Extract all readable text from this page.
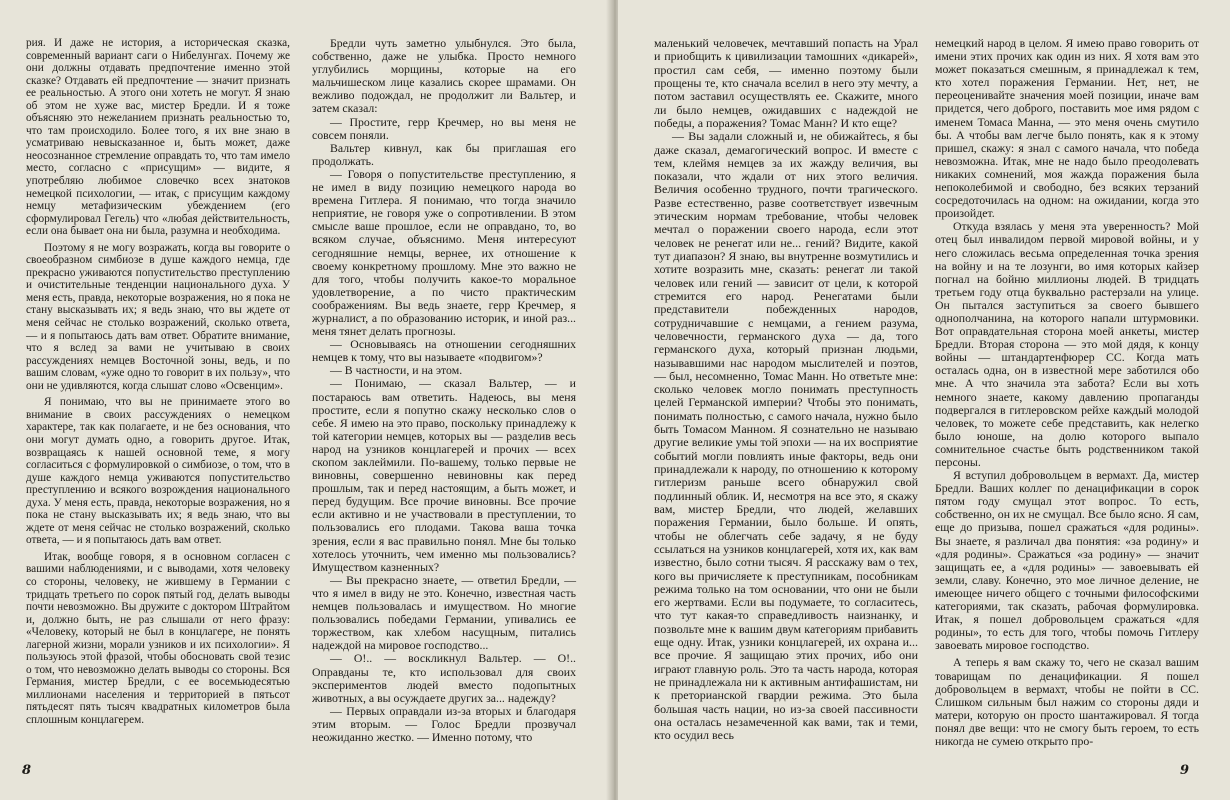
рия. И даже не история, а историческая сказка, современный вариант саги о Нибелунгах. Почему же они должны отдавать предпочтение именно этой сказке? Отдавать ей предпочтение — значит признать ее реальностью. А этого они хотеть не могут. Я знаю об этом не хуже вас, мистер Бредли. И я тоже объясняю это нежеланием признать реальностью то, что там происходило. Более того, я их вне знаю в усматриваю невысказанное и, быть может, даже неосознанное стремление оправдать то, что там имело место, согласно с «присущим» — видите, я употребляю любимое словечко всех знатоков немецкой психологии, — итак, с присущим каждому немцу метафизическим убеждением (его сформулировал Гегель) что «любая действительность, если она бывает она ни была, разумна и необходима.

Поэтому я не могу возражать, когда вы говорите о своеобразном симбиозе в душе каждого немца, где прекрасно уживаются попустительство преступлению и очистительные тенденции национального духа. У меня есть, правда, некоторые возражения, но я пока не стану высказывать их; я ведь знаю, что вы ждете от меня сейчас не столько возражений, сколько ответа, — и я попытаюсь дать вам ответ. Обратите внимание, что я вслед за вами не учитываю в своих рассуждениях немцев Восточной зоны, ведь, и по вашим словам, «уже одно то говорит в их пользу», что они не удивляются, когда слышат слово «Освенцим».

Я понимаю, что вы не принимаете этого во внимание в своих рассуждениях о немецком характере, так как полагаете, и не без основания, что они могут думать одно, а говорить другое. Итак, возвращаясь к нашей основной теме, я могу согласиться с формулировкой о симбиозе, о том, что в душе каждого немца уживаются попустительство преступлению и всякого возрождения национального духа. У меня есть, правда, некоторые возражения, но я пока не стану высказывать их; я ведь знаю, что вы ждете от меня сейчас не столько возражений, сколько ответа, — и я попытаюсь дать вам ответ.

Итак, вообще говоря, я в основном согласен с вашими наблюдениями, и с выводами, хотя человеку со стороны, человеку, не жившему в Германии с тридцать третьего по сорок пятый год, делать выводы почти невозможно. Вы дружите с доктором Штрайтом и, должно быть, не раз слышали от него фразу: «Человеку, который не был в концлагере, не понять лагерной жизни, морали узников и их психологии». Я пользуюсь этой фразой, чтобы обосновать свой тезис о том, что невозможно делать выводы со стороны. Вся Германия, мистер Бредли, с ее восемьюдесятью миллионами населения и территорией в пятьсот пятьдесят пять тысяч квадратных километров была сплошным концлагерем.

Бредли чуть заметно улыбнулся. Это была, собственно, даже не улыбка. Просто немного углубились морщины, которые на его мальчишеском лице казались скорее шрамами. Он вежливо подождал, не продолжит ли Вальтер, и затем сказал:

— Простите, герр Кречмер, но вы меня не совсем поняли.

Вальтер кивнул, как бы приглашая его продолжать.

— Говоря о попустительстве преступлению, я не имел в виду позицию немецкого народа во времена Гитлера. Я понимаю, что тогда значило неприятие, не говоря уже о сопротивлении. В этом смысле ваше прошлое, если не оправдано, то, во всяком случае, объяснимо. Меня интересуют сегодняшние немцы, вернее, их отношение к своему конкретному прошлому. Мне это важно не для того, чтобы получить какое-то моральное удовлетворение, а по чисто практическим соображениям. Вы ведь знаете, герр Кречмер, я журналист, а по образованию историк, и иной раз... меня тянет делать прогнозы.

— Основываясь на отношении сегодняшних немцев к тому, что вы называете «подвигом»?

— В частности, и на этом.

— Понимаю, — сказал Вальтер, — и постараюсь вам ответить. Надеюсь, вы меня простите, если я попутно скажу несколько слов о себе. Я имею на это право, поскольку принадлежу к той категории немцев, которых вы — разделив весь народ на узников концлагерей и прочих — всех скопом заклеймили. По-вашему, только первые не виновны, совершенно невиновны как перед прошлым, так и перед настоящим, а быть может, и перед будущим. Все прочие виновны. Все прочие если активно и не участвовали в преступлении, то пользовались его плодами. Такова ваша точка зрения, если я вас правильно понял. Мне бы только хотелось уточнить, чем именно мы пользовались? Имуществом казненных?

— Вы прекрасно знаете, — ответил Бредли, — что я имел в виду не это. Конечно, известная часть немцев пользовалась и имуществом. Но многие пользовались победами Германии, упивались ее торжеством, как хлебом насущным, питались надеждой на мировое господство...

— О!.. — воскликнул Вальтер. — О!.. Оправданы те, кто использовал для своих экспериментов людей вместо подопытных животных, а вы осуждаете других за... надежду?

— Первых оправдали из-за вторых и благодаря этим вторым. — Голос Бредли прозвучал неожиданно жестко. — Именно потому, что

8

маленький человечек, мечтавший попасть на Урал и приобщить к цивилизации тамошних «дикарей», простил сам себя, — именно поэтому были прощены те, кто сначала вселил в него эту мечту, а потом заставил осуществлять ее. Скажите, много ли было немцев, ожидавших с надеждой не победы, а поражения? Томас Манн? И кто еще?

— Вы задали сложный и, не обижайтесь, я бы даже сказал, демагогический вопрос. И вместе с тем, клеймя немцев за их жажду величия, вы показали, что ждали от них этого величия. Величия особенно трудного, почти трагического. Разве естественно, разве соответствует извечным этическим нормам требование, чтобы человек мечтал о поражении своего народа, если этот человек не ренегат или не... гений? Видите, какой тут диапазон? Я знаю, вы внутренне возмутились и хотите возразить мне, сказать: ренегат ли такой человек или гений — зависит от цели, к которой стремится его народ. Ренегатами были представители побежденных народов, сотрудничавшие с немцами, а гением разума, человечности, германского духа — да, того германского духа, который признан людьми, называвшими нас народом мыслителей и поэтов, — был, несомненно, Томас Манн. Но ответьте мне: сколько человек могло понимать преступность целей Германской империи? Чтобы это понимать, понимать полностью, с самого начала, нужно было быть Томасом Манном. Я сознательно не называю другие великие умы той эпохи — на их восприятие событий могли повлиять иные факторы, ведь они принадлежали к народу, по отношению к которому гитлеризм раньше всего обнаружил свой подлинный облик. И, несмотря на все это, я скажу вам, мистер Бредли, что людей, желавших поражения Германии, было больше. И опять, чтобы не облегчать себе задачу, я не буду ссылаться на узников концлагерей, хотя их, как вам известно, было сотни тысяч. Я расскажу вам о тех, кого вы причисляете к преступникам, пособникам режима только на том основании, что они не были его жертвами. Если вы подумаете, то согласитесь, что тут какая-то справедливость наизнанку, и позвольте мне к вашим двум категориям прибавить еще одну. Итак, узники концлагерей, их охрана и... все прочие. Я защищаю этих прочих, ибо они играют главную роль. Это та часть народа, которая не принадлежала ни к активным антифашистам, ни к преторианской гвардии режима. Это была большая часть нации, но из-за своей пассивности она осталась незамеченной как вами, так и теми, кто осудил весь

немецкий народ в целом. Я имею право говорить от имени этих прочих как один из них. Я хотя вам это может показаться смешным, я принадлежал к тем, кто хотел поражения Германии. Нет, нет, не переоценивайте значения моей позиции, иначе вам придется, чего доброго, поставить мое имя рядом с именем Томаса Манна, — это меня очень смутило бы. А чтобы вам легче было понять, как я к этому пришел, скажу: я знал с самого начала, что победа невозможна. Итак, мне не надо было преодолевать никаких сомнений, моя жажда поражения была непоколебимой и свободно, без всяких терзаний сосредоточилась на одном: на ожидании, когда это произойдет.

Откуда взялась у меня эта уверенность? Мой отец был инвалидом первой мировой войны, и у него сложилась весьма определенная точка зрения на войну и на те лозунги, во имя которых кайзер погнал на бойню миллионы людей. В тридцать третьем году отца буквально растерзали на улице. Он пытался заступиться за своего бывшего однополчанина, на которого напали штурмовики. Вот оправдательная сторона моей анкеты, мистер Бредли. Вторая сторона — это мой дядя, к концу войны — штандартенфюрер СС. Когда мать осталась одна, он в известной мере заботился обо мне. А что значила эта забота? Если вы хоть немного знаете, какому давлению пропаганды подвергался в гитлеровском рейхе каждый молодой человек, то можете себе представить, как нелегко было юноше, на долю которого выпало сомнительное счастье быть родственником такой персоны.

Я вступил добровольцем в вермахт. Да, мистер Бредли. Ваших коллег по денацификации в сорок пятом году смущал этот вопрос. То есть, собственно, он их не смущал. Все было ясно. Я сам, еще до призыва, пошел сражаться «для родины». Вы знаете, я различал два понятия: «за родину» и «для родины». Сражаться «за родину» — значит защищать ее, а «для родины» — завоевывать ей земли, славу. Конечно, это мое личное деление, не имеющее ничего общего с точными философскими категориями, так сказать, рабочая формулировка. Итак, я пошел добровольцем сражаться «для родины», то есть для того, чтобы помочь Гитлеру завоевать мировое господство.

А теперь я вам скажу то, чего не сказал вашим товарищам по денацификации. Я пошел добровольцем в вермахт, чтобы не пойти в СС. Слишком сильным был нажим со стороны дяди и матери, которую он просто шантажировал. Я тогда понял две вещи: что не смогу быть героем, то есть никогда не сумею открыто про-

9
